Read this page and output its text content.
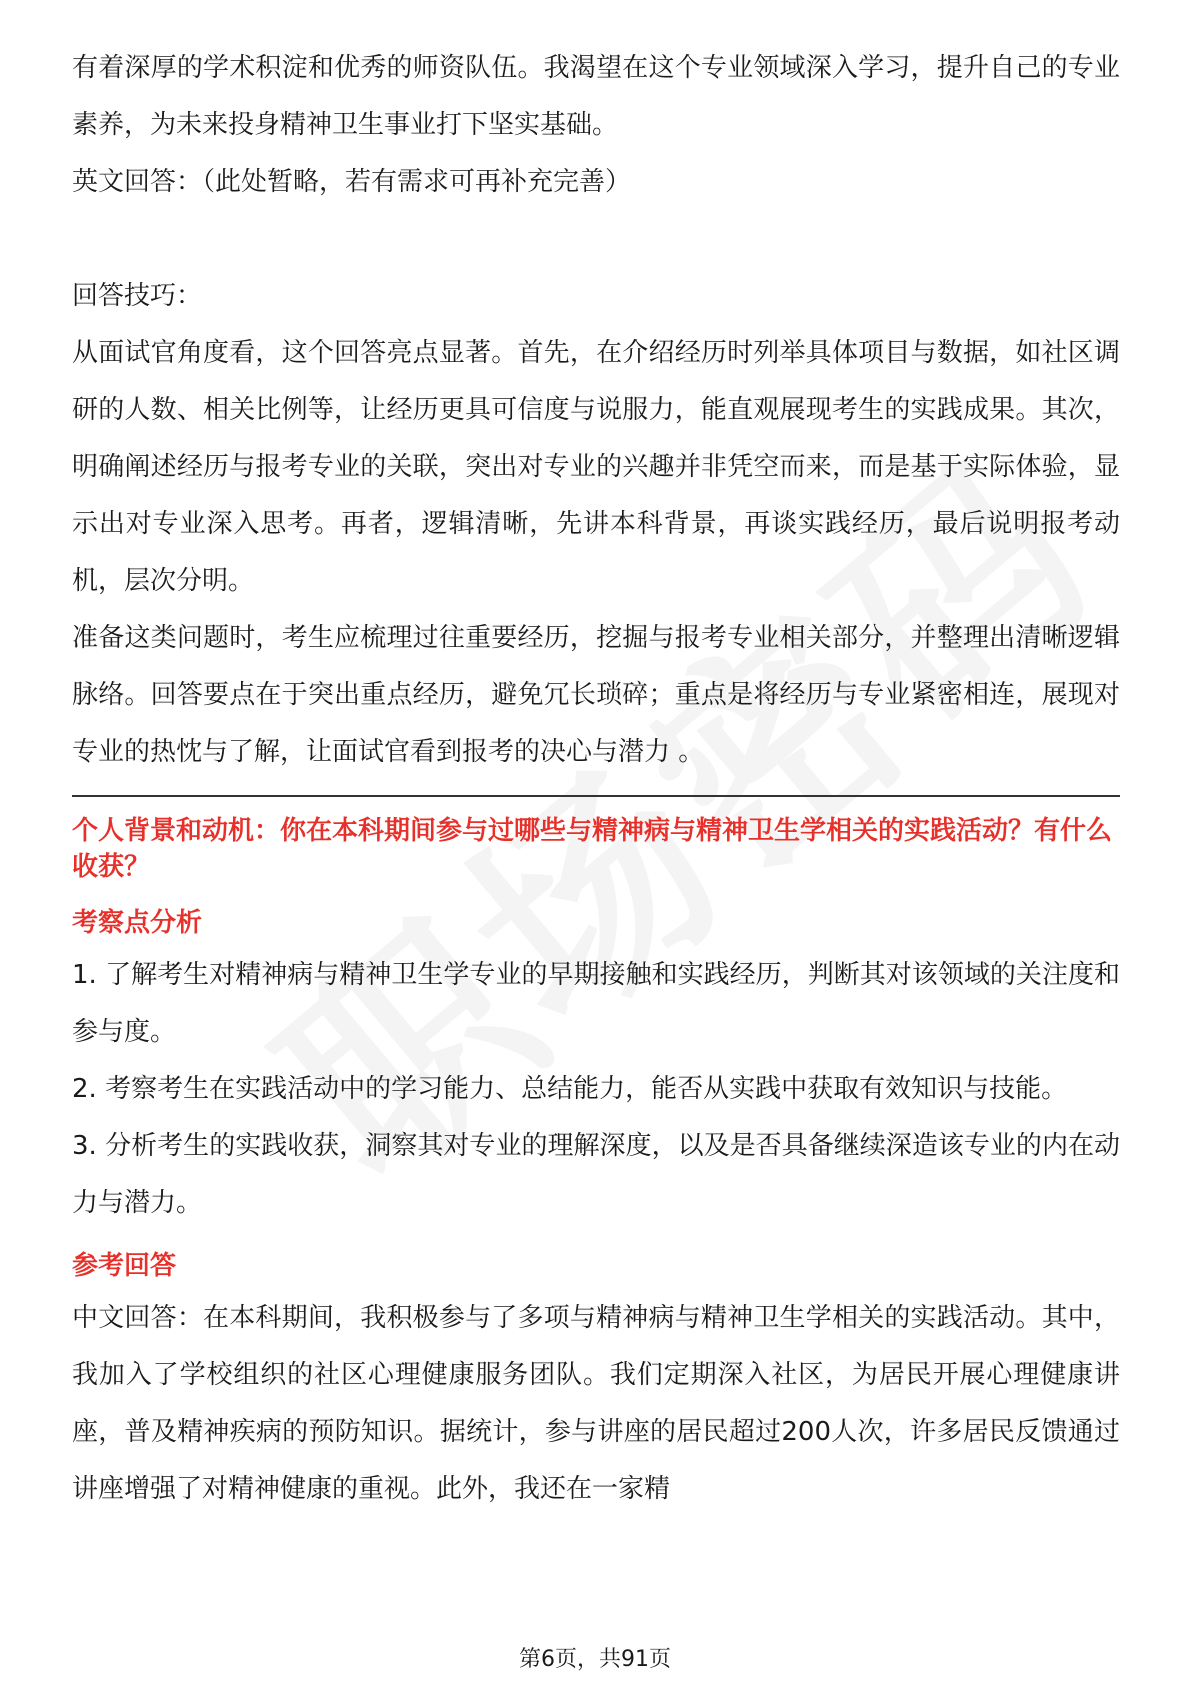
有着深厚的学术积淀和优秀的师资队伍。我渴望在这个专业领域深入学习，提升自己的专业素养，为未来投身精神卫生事业打下坚实基础。

英文回答：（此处暂略，若有需求可再补充完善）

回答技巧：

从面试官角度看，这个回答亮点显著。首先，在介绍经历时列举具体项目与数据，如社区调研的人数、相关比例等，让经历更具可信度与说服力，能直观展现考生的实践成果。其次，明确阐述经历与报考专业的关联，突出对专业的兴趣并非凭空而来，而是基于实际体验，显示出对专业深入思考。再者，逻辑清晰，先讲本科背景，再谈实践经历，最后说明报考动机，层次分明。

准备这类问题时，考生应梳理过往重要经历，挖掘与报考专业相关部分，并整理出清晰逻辑脉络。回答要点在于突出重点经历，避免冗长琐碎；重点是将经历与专业紧密相连，展现对专业的热忱与了解，让面试官看到报考的决心与潜力 。

个人背景和动机：你在本科期间参与过哪些与精神病与精神卫生学相关的实践活动？有什么收获？

考察点分析

1. 了解考生对精神病与精神卫生学专业的早期接触和实践经历，判断其对该领域的关注度和参与度。

2. 考察考生在实践活动中的学习能力、总结能力，能否从实践中获取有效知识与技能。

3. 分析考生的实践收获，洞察其对专业的理解深度，以及是否具备继续深造该专业的内在动力与潜力。

参考回答

中文回答：在本科期间，我积极参与了多项与精神病与精神卫生学相关的实践活动。其中，我加入了学校组织的社区心理健康服务团队。我们定期深入社区，为居民开展心理健康讲座，普及精神疾病的预防知识。据统计，参与讲座的居民超过200人次，许多居民反馈通过讲座增强了对精神健康的重视。此外，我还在一家精

第6页，共91页
